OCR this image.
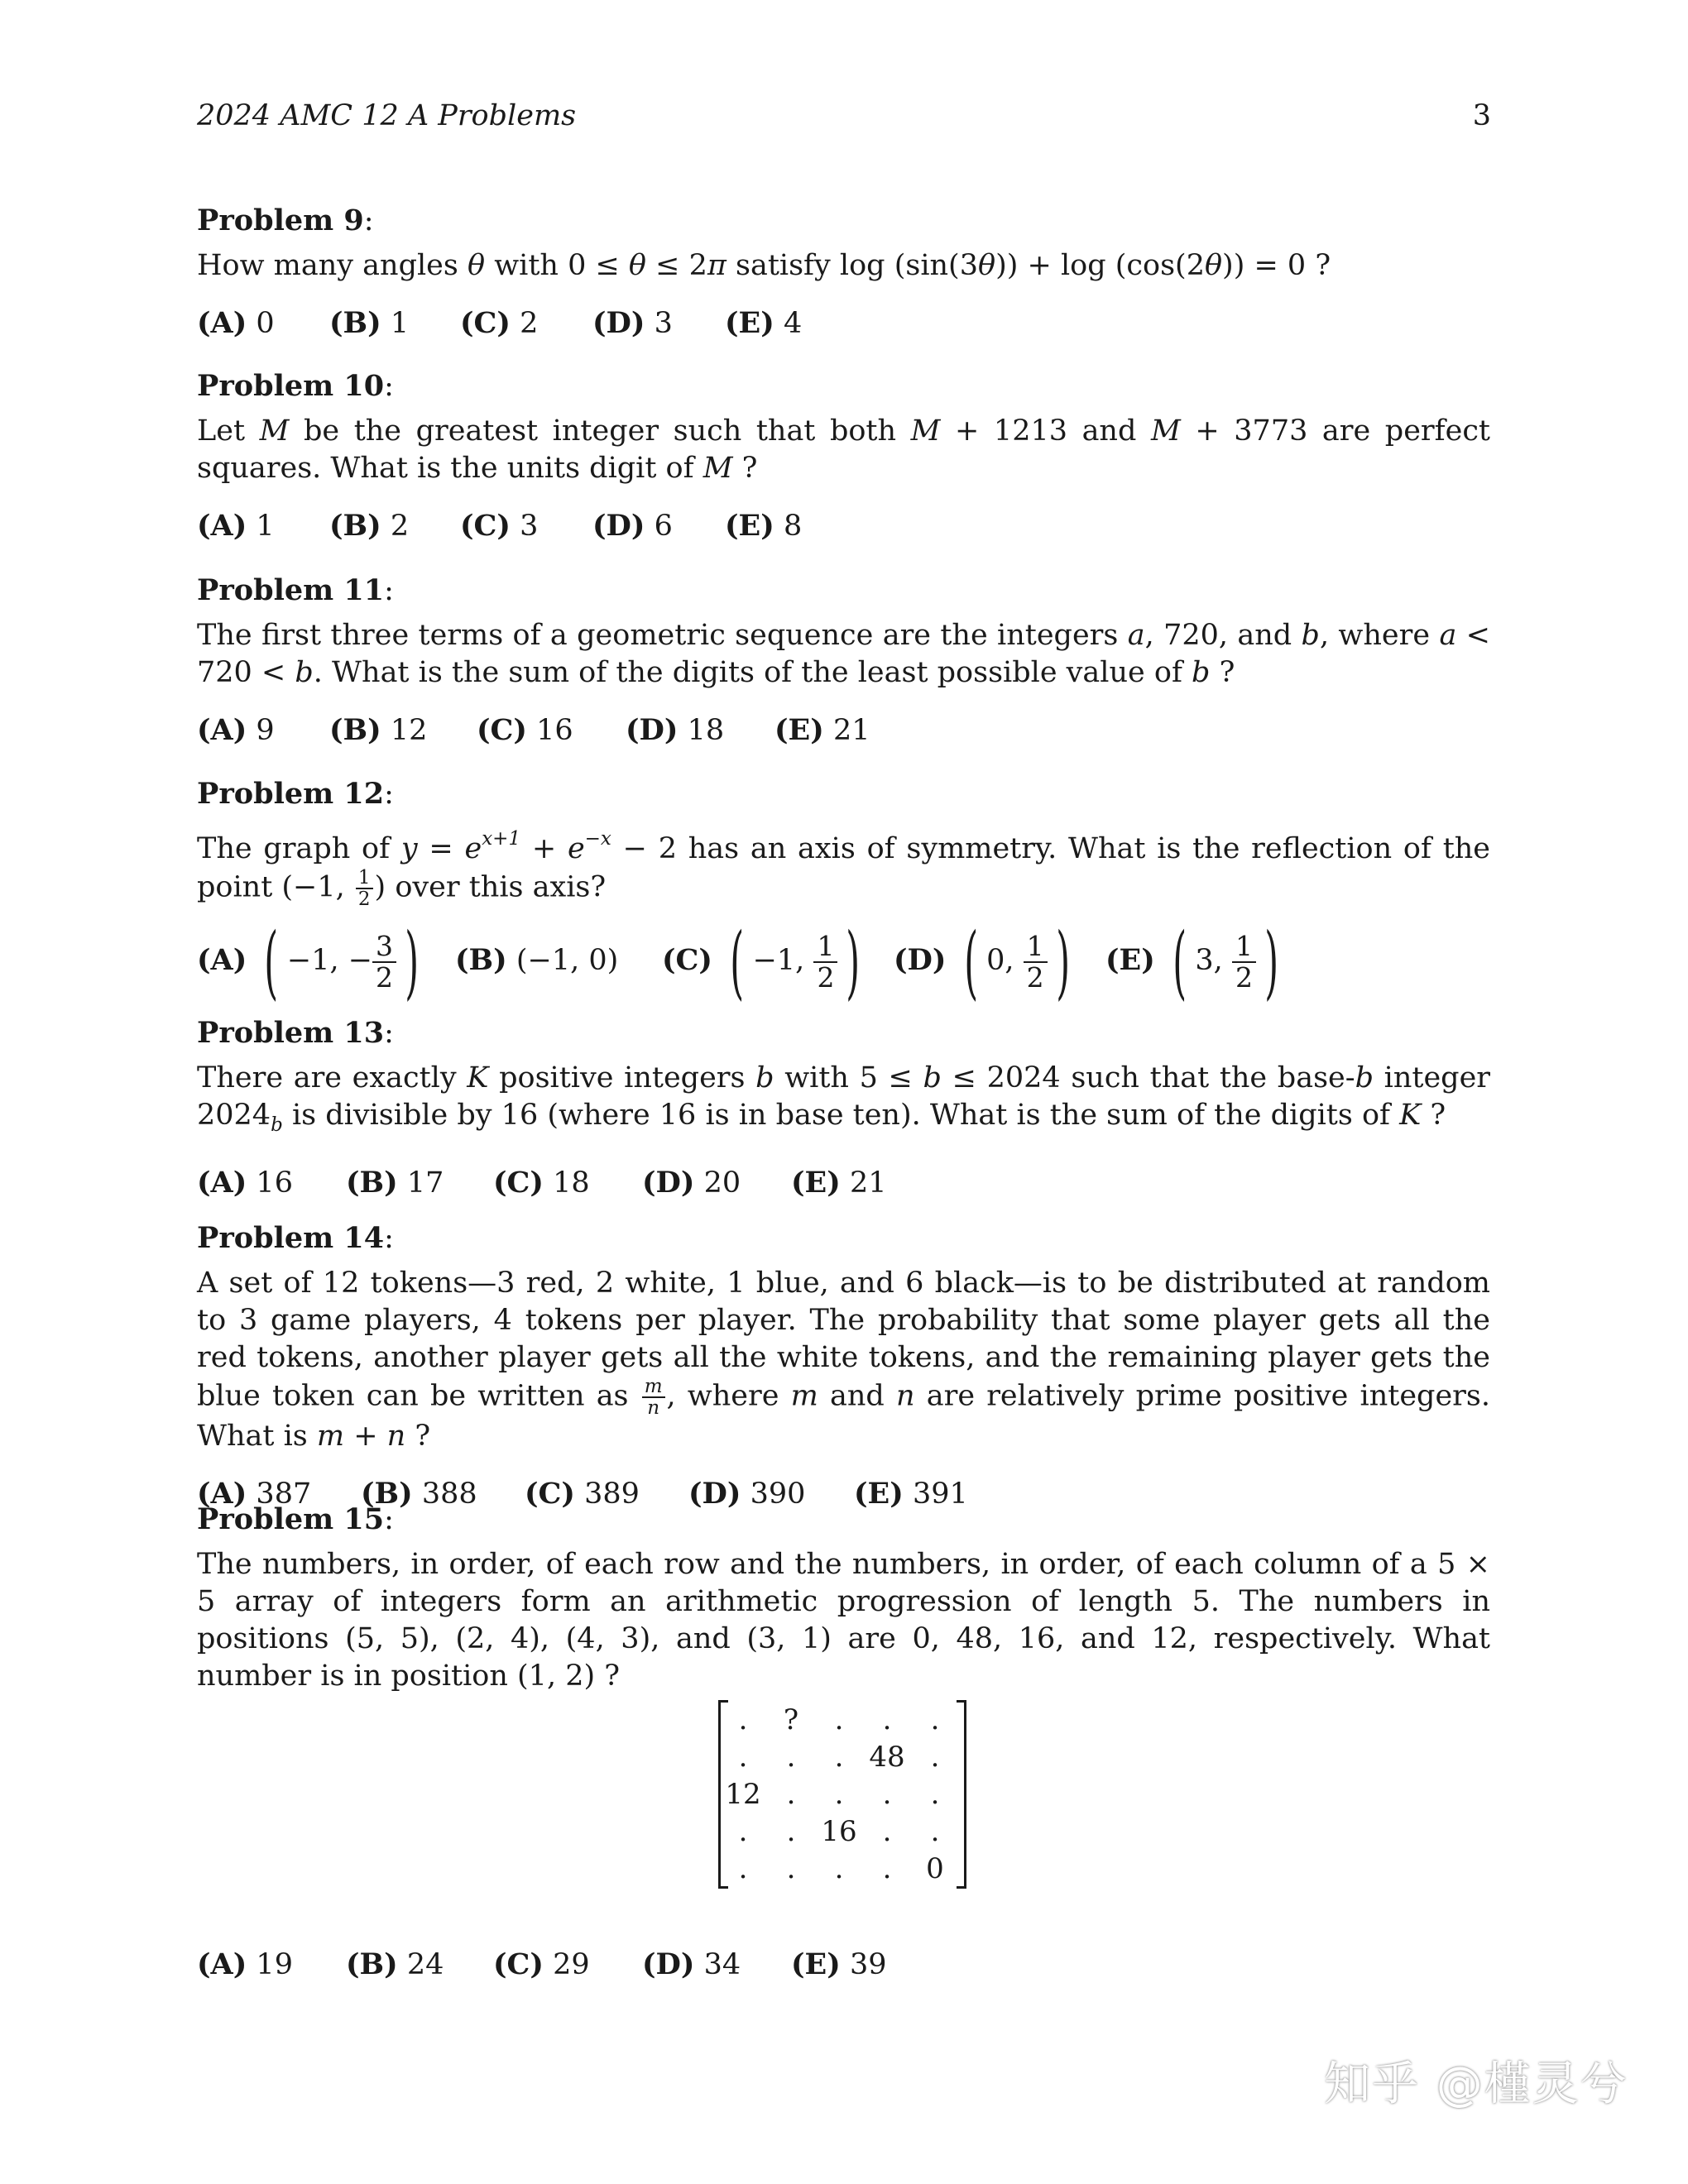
2024 AMC 12 A Problems	3
Problem 9:
How many angles θ with 0 ≤ θ ≤ 2π satisfy log (sin(3θ)) + log (cos(2θ)) = 0 ?
(A) 0 (B) 1 (C) 2 (D) 3 (E) 4
Problem 10:
Let M be the greatest integer such that both M + 1213 and M + 3773 are perfect squares. What is the units digit of M ?
(A) 1 (B) 2 (C) 3 (D) 6 (E) 8
Problem 11:
The first three terms of a geometric sequence are the integers a, 720, and b, where a < 720 < b. What is the sum of the digits of the least possible value of b ?
(A) 9 (B) 12 (C) 16 (D) 18 (E) 21
Problem 12:
The graph of $y = e^{x+1} + e^{-x} - 2$ has an axis of symmetry. What is the reflection of the point (−1, $\frac{1}{2}$ ) over this axis?
(A) ( −1, − $\frac{3}{2}$ ) (B) (−1, 0) (C) ( −1, $\frac{1}{2}$ ) (D) ( 0, $\frac{1}{2}$ ) (E) ( 3, $\frac{1}{2}$ )
Problem 13:
There are exactly K positive integers b with 5 ≤ b ≤ 2024 such that the base-b integer $2024_b$ is divisible by 16 (where 16 is in base ten). What is the sum of the digits of K ?
(A) 16 (B) 17 (C) 18 (D) 20 (E) 21
Problem 14:
A set of 12 tokens—3 red, 2 white, 1 blue, and 6 black—is to be distributed at random to 3 game players, 4 tokens per player. The probability that some player gets all the red tokens, another player gets all the white tokens, and the remaining player gets the blue token can be written as $\frac{m}{n}$ , where m and n are relatively prime positive integers. What is m + n ?
(A) 387 (B) 388 (C) 389 (D) 390 (E) 391
Problem 15:
The numbers, in order, of each row and the numbers, in order, of each column of a 5 × 5 array of integers form an arithmetic progression of length 5. The numbers in positions (5, 5), (2, 4), (4, 3), and (3, 1) are 0, 48, 16, and 12, respectively. What number is in position (1, 2) ?
.	?	.	.	.
.	.	. 48 .
12 .	.	.	.
.	. 16 .	.
.	.	.	.	0
(A) 19 (B) 24 (C) 29 (D) 34 (E) 39
知乎 @槿灵兮
